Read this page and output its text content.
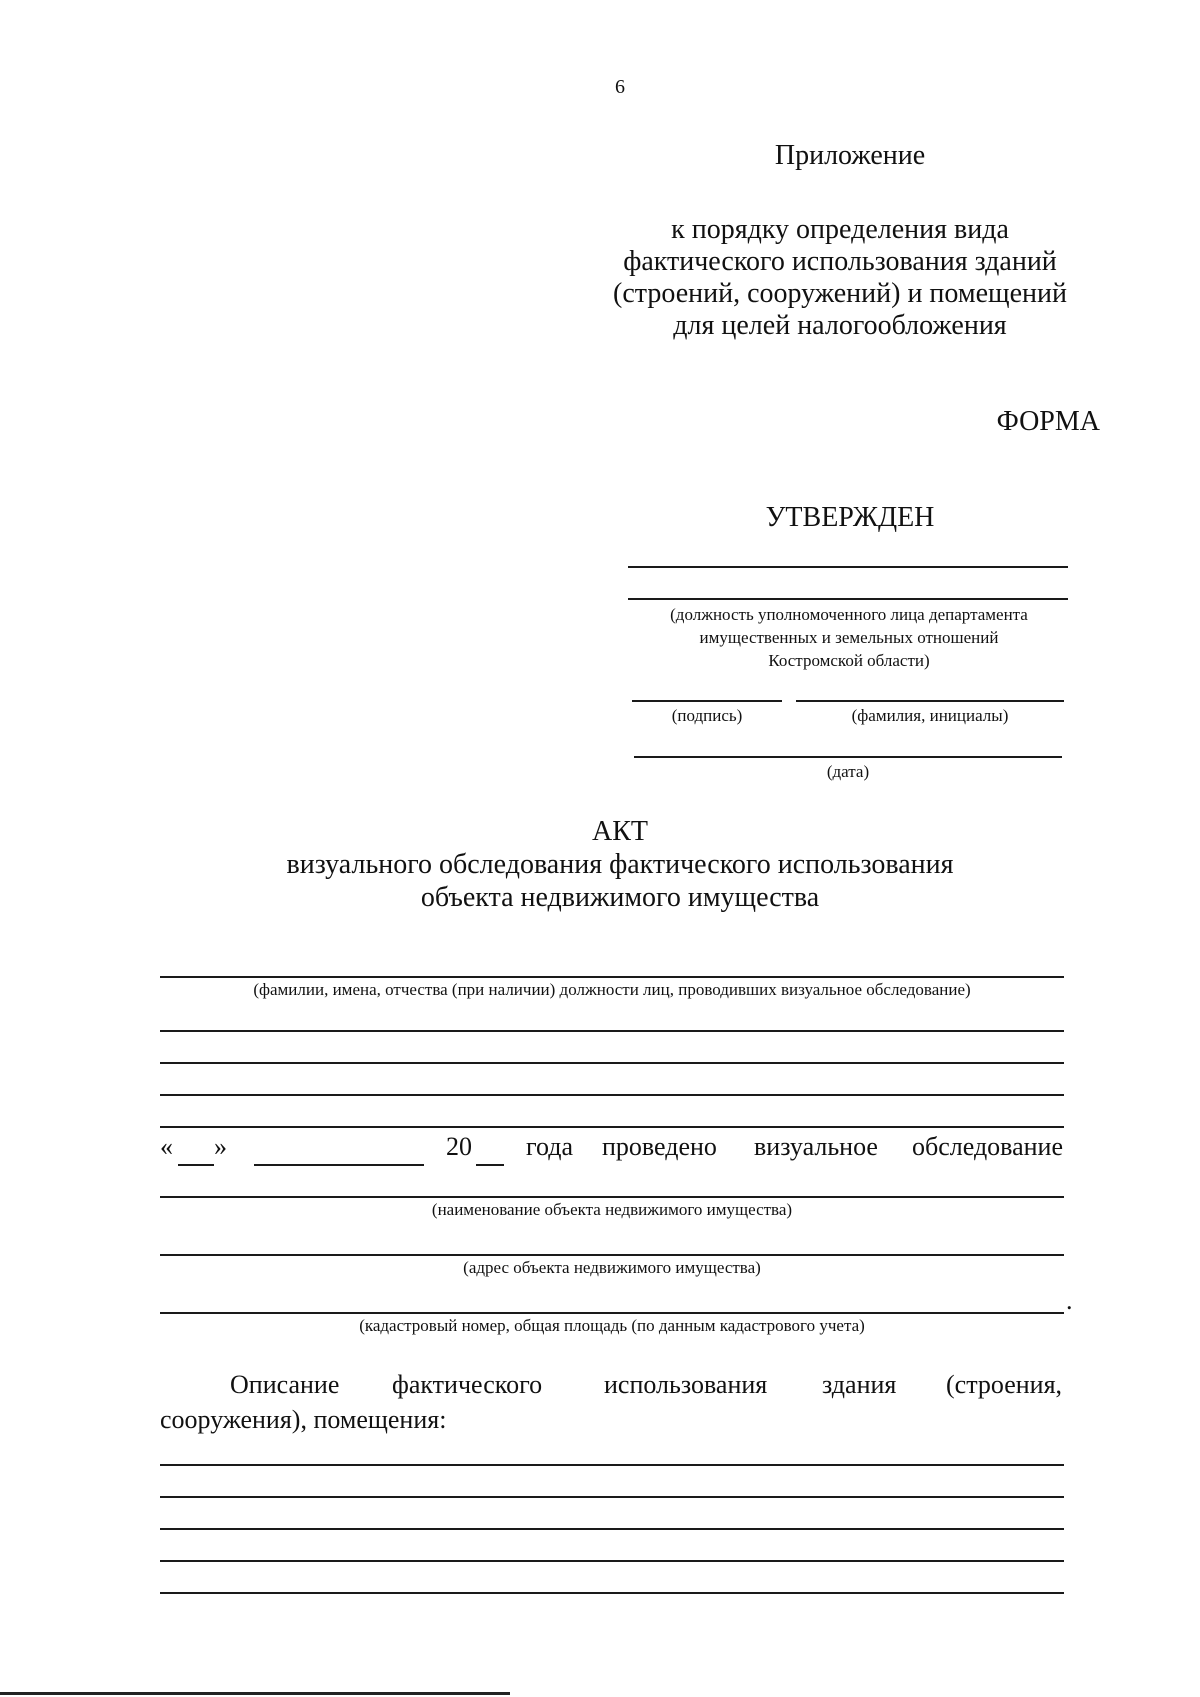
6
Приложение
к порядку определения вида
фактического использования зданий
(строений, сооружений) и помещений
для целей налогообложения
ФОРМА
УТВЕРЖДЕН
(должность уполномоченного лица департамента
имущественных и земельных отношений
Костромской области)
(подпись)	(фамилия, инициалы)
(дата)
АКТ
визуального обследования фактического использования
объекта недвижимого имущества
(фамилии, имена, отчества (при наличии) должности лиц, проводивших визуальное обследование)
« »	20 года проведено визуальное обследование
(наименование объекта недвижимого имущества)
(адрес объекта недвижимого имущества)
.
(кадастровый номер, общая площадь (по данным кадастрового учета)
Описание фактического использования здания (строения,
сооружения), помещения:
